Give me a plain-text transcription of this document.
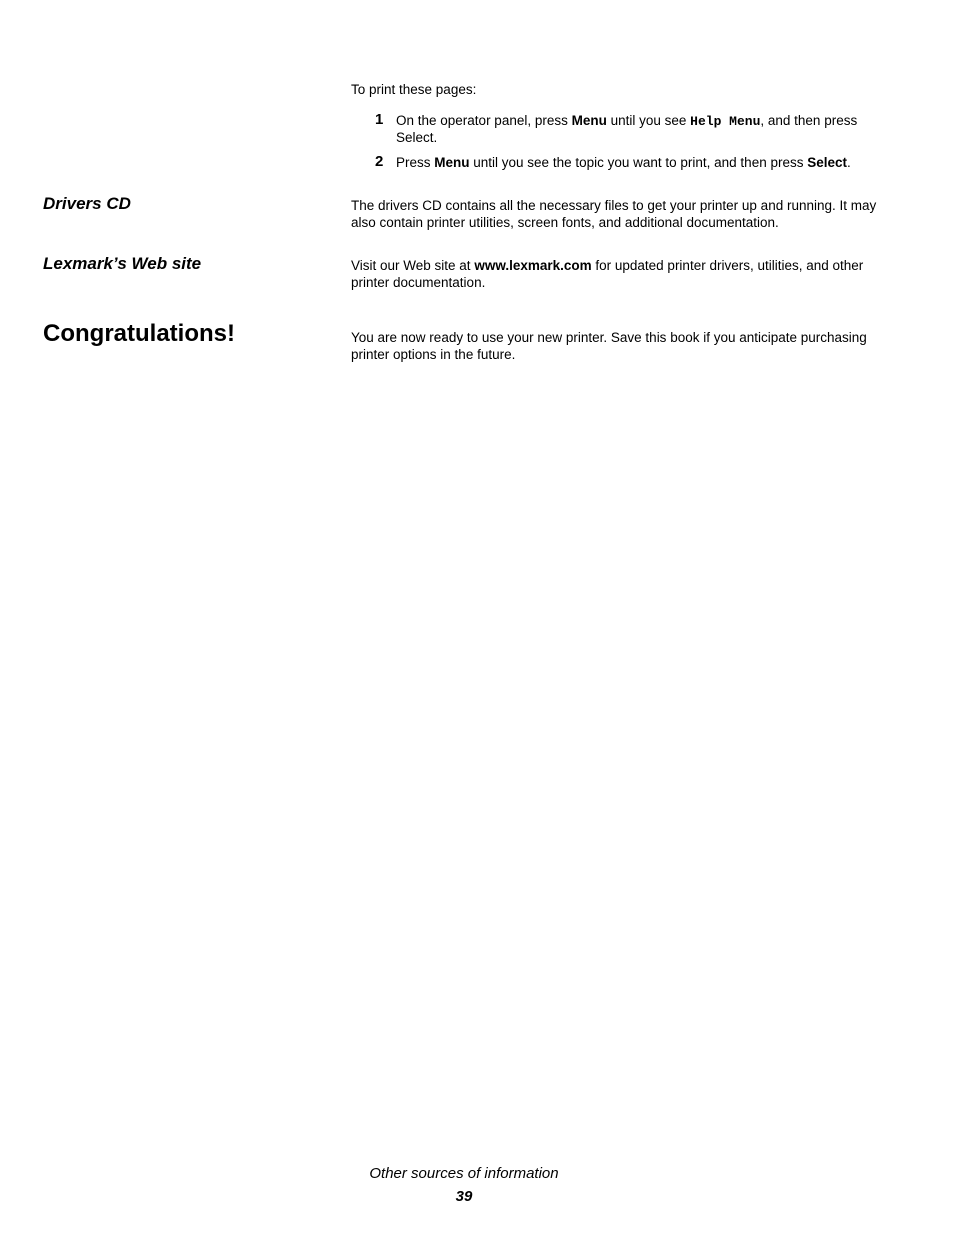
To print these pages:
1 On the operator panel, press Menu until you see Help Menu, and then press
Select.
2 Press Menu until you see the topic you want to print, and then press Select.
Drivers CD	The drivers CD contains all the necessary files to get your printer up and running. It may
also contain printer utilities, screen fonts, and additional documentation.
Lexmark’s Web site	Visit our Web site at www.lexmark.com for updated printer drivers, utilities, and other
printer documentation.
Congratulations!	You are now ready to use your new printer. Save this book if you anticipate purchasing
printer options in the future.
Other sources of information
39
